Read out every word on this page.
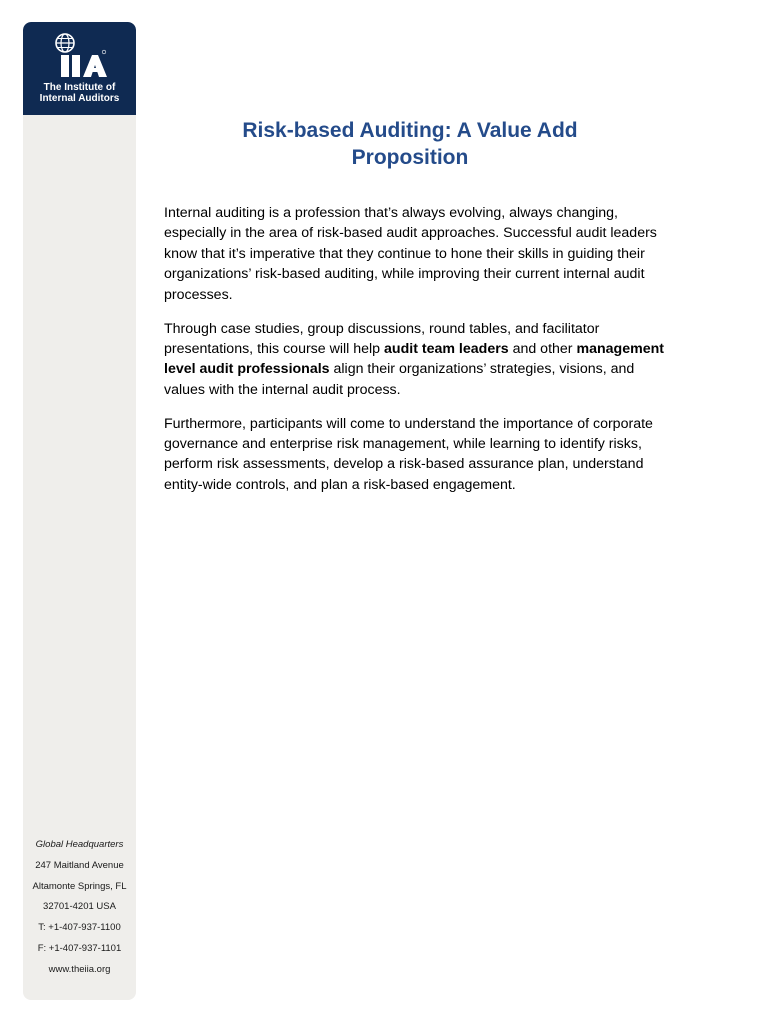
The Institute of
Internal Auditors
Global Headquarters
247 Maitland Avenue
Altamonte Springs, FL
32701-4201 USA
T: +1-407-937-1100
F: +1-407-937-1101
www.theiia.org
Risk-based Auditing: A Value Add
Proposition

Internal auditing is a profession that’s always evolving, always changing, especially in the area of risk-based audit approaches. Successful audit leaders know that it’s imperative that they continue to hone their skills in guiding their organizations’ risk-based auditing, while improving their current internal audit processes.

Through case studies, group discussions, round tables, and facilitator presentations, this course will help audit team leaders and other management level audit professionals align their organizations’ strategies, visions, and values with the internal audit process.

Furthermore, participants will come to understand the importance of corporate governance and enterprise risk management, while learning to identify risks, perform risk assessments, develop a risk-based assurance plan, understand entity-wide controls, and plan a risk-based engagement.
